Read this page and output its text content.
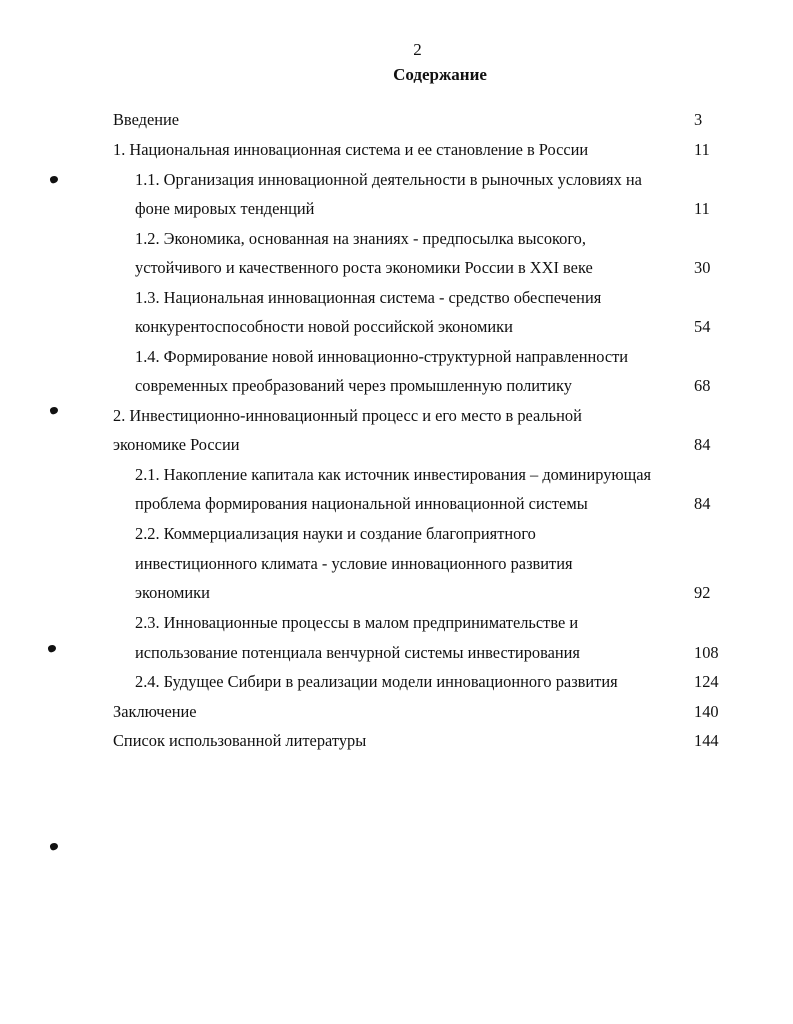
2
Содержание
Введение	3
1. Национальная инновационная система и ее становление в России	11
1.1. Организация инновационной деятельности в рыночных условиях на
фоне мировых тенденций	11
1.2. Экономика, основанная на знаниях - предпосылка высокого,
устойчивого и качественного роста экономики России в XXI веке	30
1.3. Национальная инновационная система - средство обеспечения
конкурентоспособности новой российской экономики	54
1.4. Формирование новой инновационно-структурной направленности
современных преобразований через промышленную политику	68
2. Инвестиционно-инновационный процесс и его место в реальной
экономике России	84
2.1. Накопление капитала как источник инвестирования – доминирующая
проблема формирования национальной инновационной системы	84
2.2. Коммерциализация науки и создание благоприятного
инвестиционного климата - условие инновационного развития
экономики	92
2.3. Инновационные процессы в малом предпринимательстве и
использование потенциала венчурной системы инвестирования	108
2.4. Будущее Сибири в реализации модели инновационного развития	124
Заключение	140
Список использованной литературы	144
